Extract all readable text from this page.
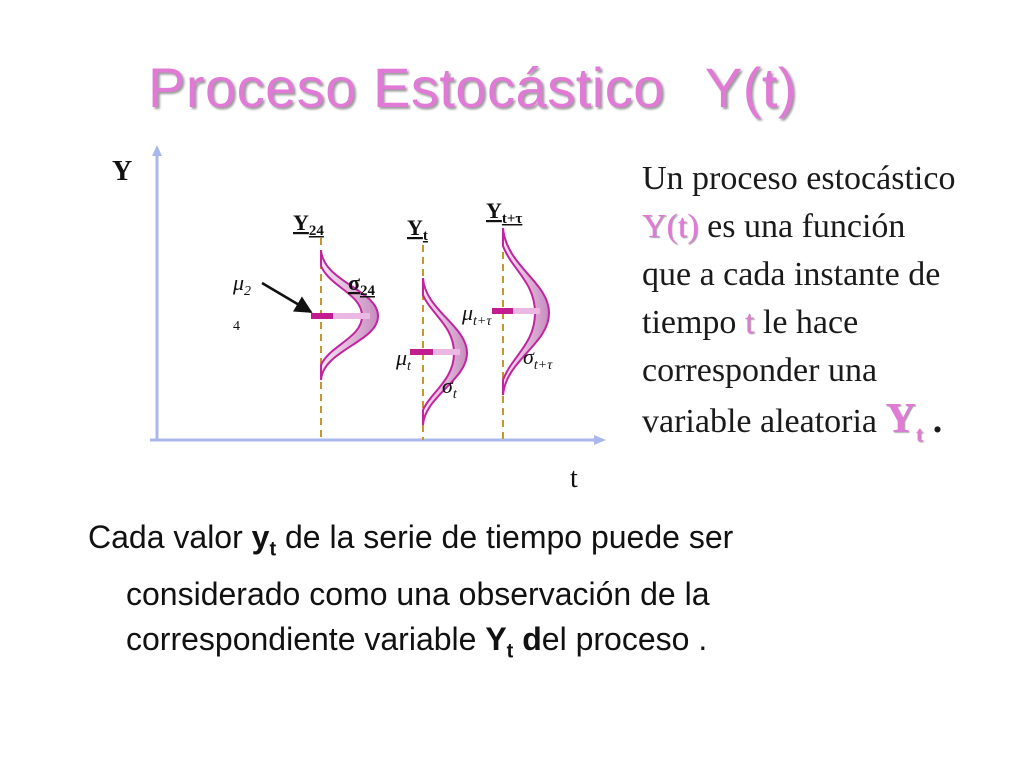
Proceso Estocástico Y(t)
Y
t
$Y_{24}$
$\sigma_{24}$
$\mu_2$
4
$Y_t$
$\mu_t$
$\sigma_t$
$Y_{t+\tau}$
$\mu_{t+\tau}$
$\sigma_{t+\tau}$
Un proceso estocástico
Y(t) es una función
que a cada instante de
tiempo t le hace
corresponder una
variable aleatoria $Y_t$ .
Cada valor $y_t$ de la serie de tiempo puede ser
considerado como una observación de la
correspondiente variable $Y_t$ del proceso .
